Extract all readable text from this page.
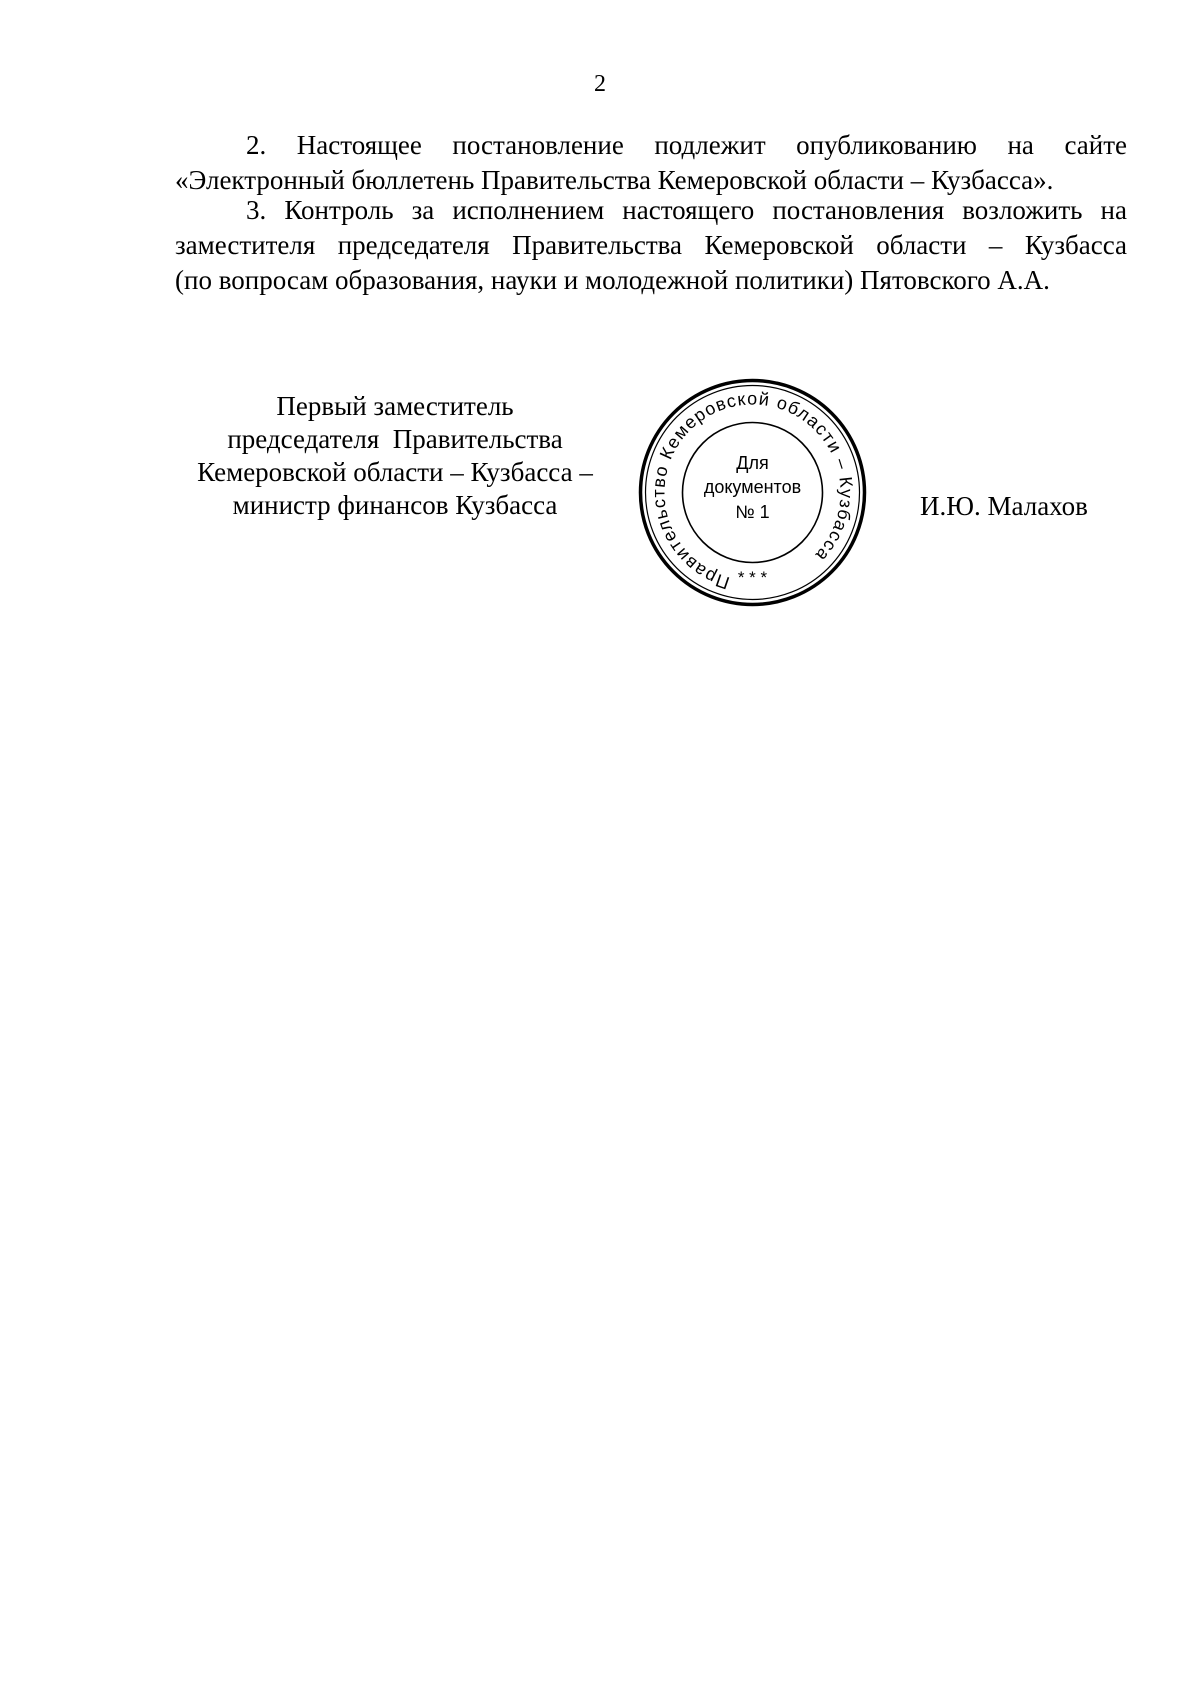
2
2. Настоящее постановление подлежит опубликованию на сайте
«Электронный бюллетень Правительства Кемеровской области – Кузбасса».
3. Контроль за исполнением настоящего постановления возложить на
заместителя председателя Правительства Кемеровской области – Кузбасса
(по вопросам образования, науки и молодежной политики) Пятовского А.А.
Первый заместитель
председателя  Правительства
Кемеровской области – Кузбасса –
министр финансов Кузбасса
Правительство Кемеровской области – Кузбасса
* * *
Для
документов
№ 1	И.Ю. Малахов
